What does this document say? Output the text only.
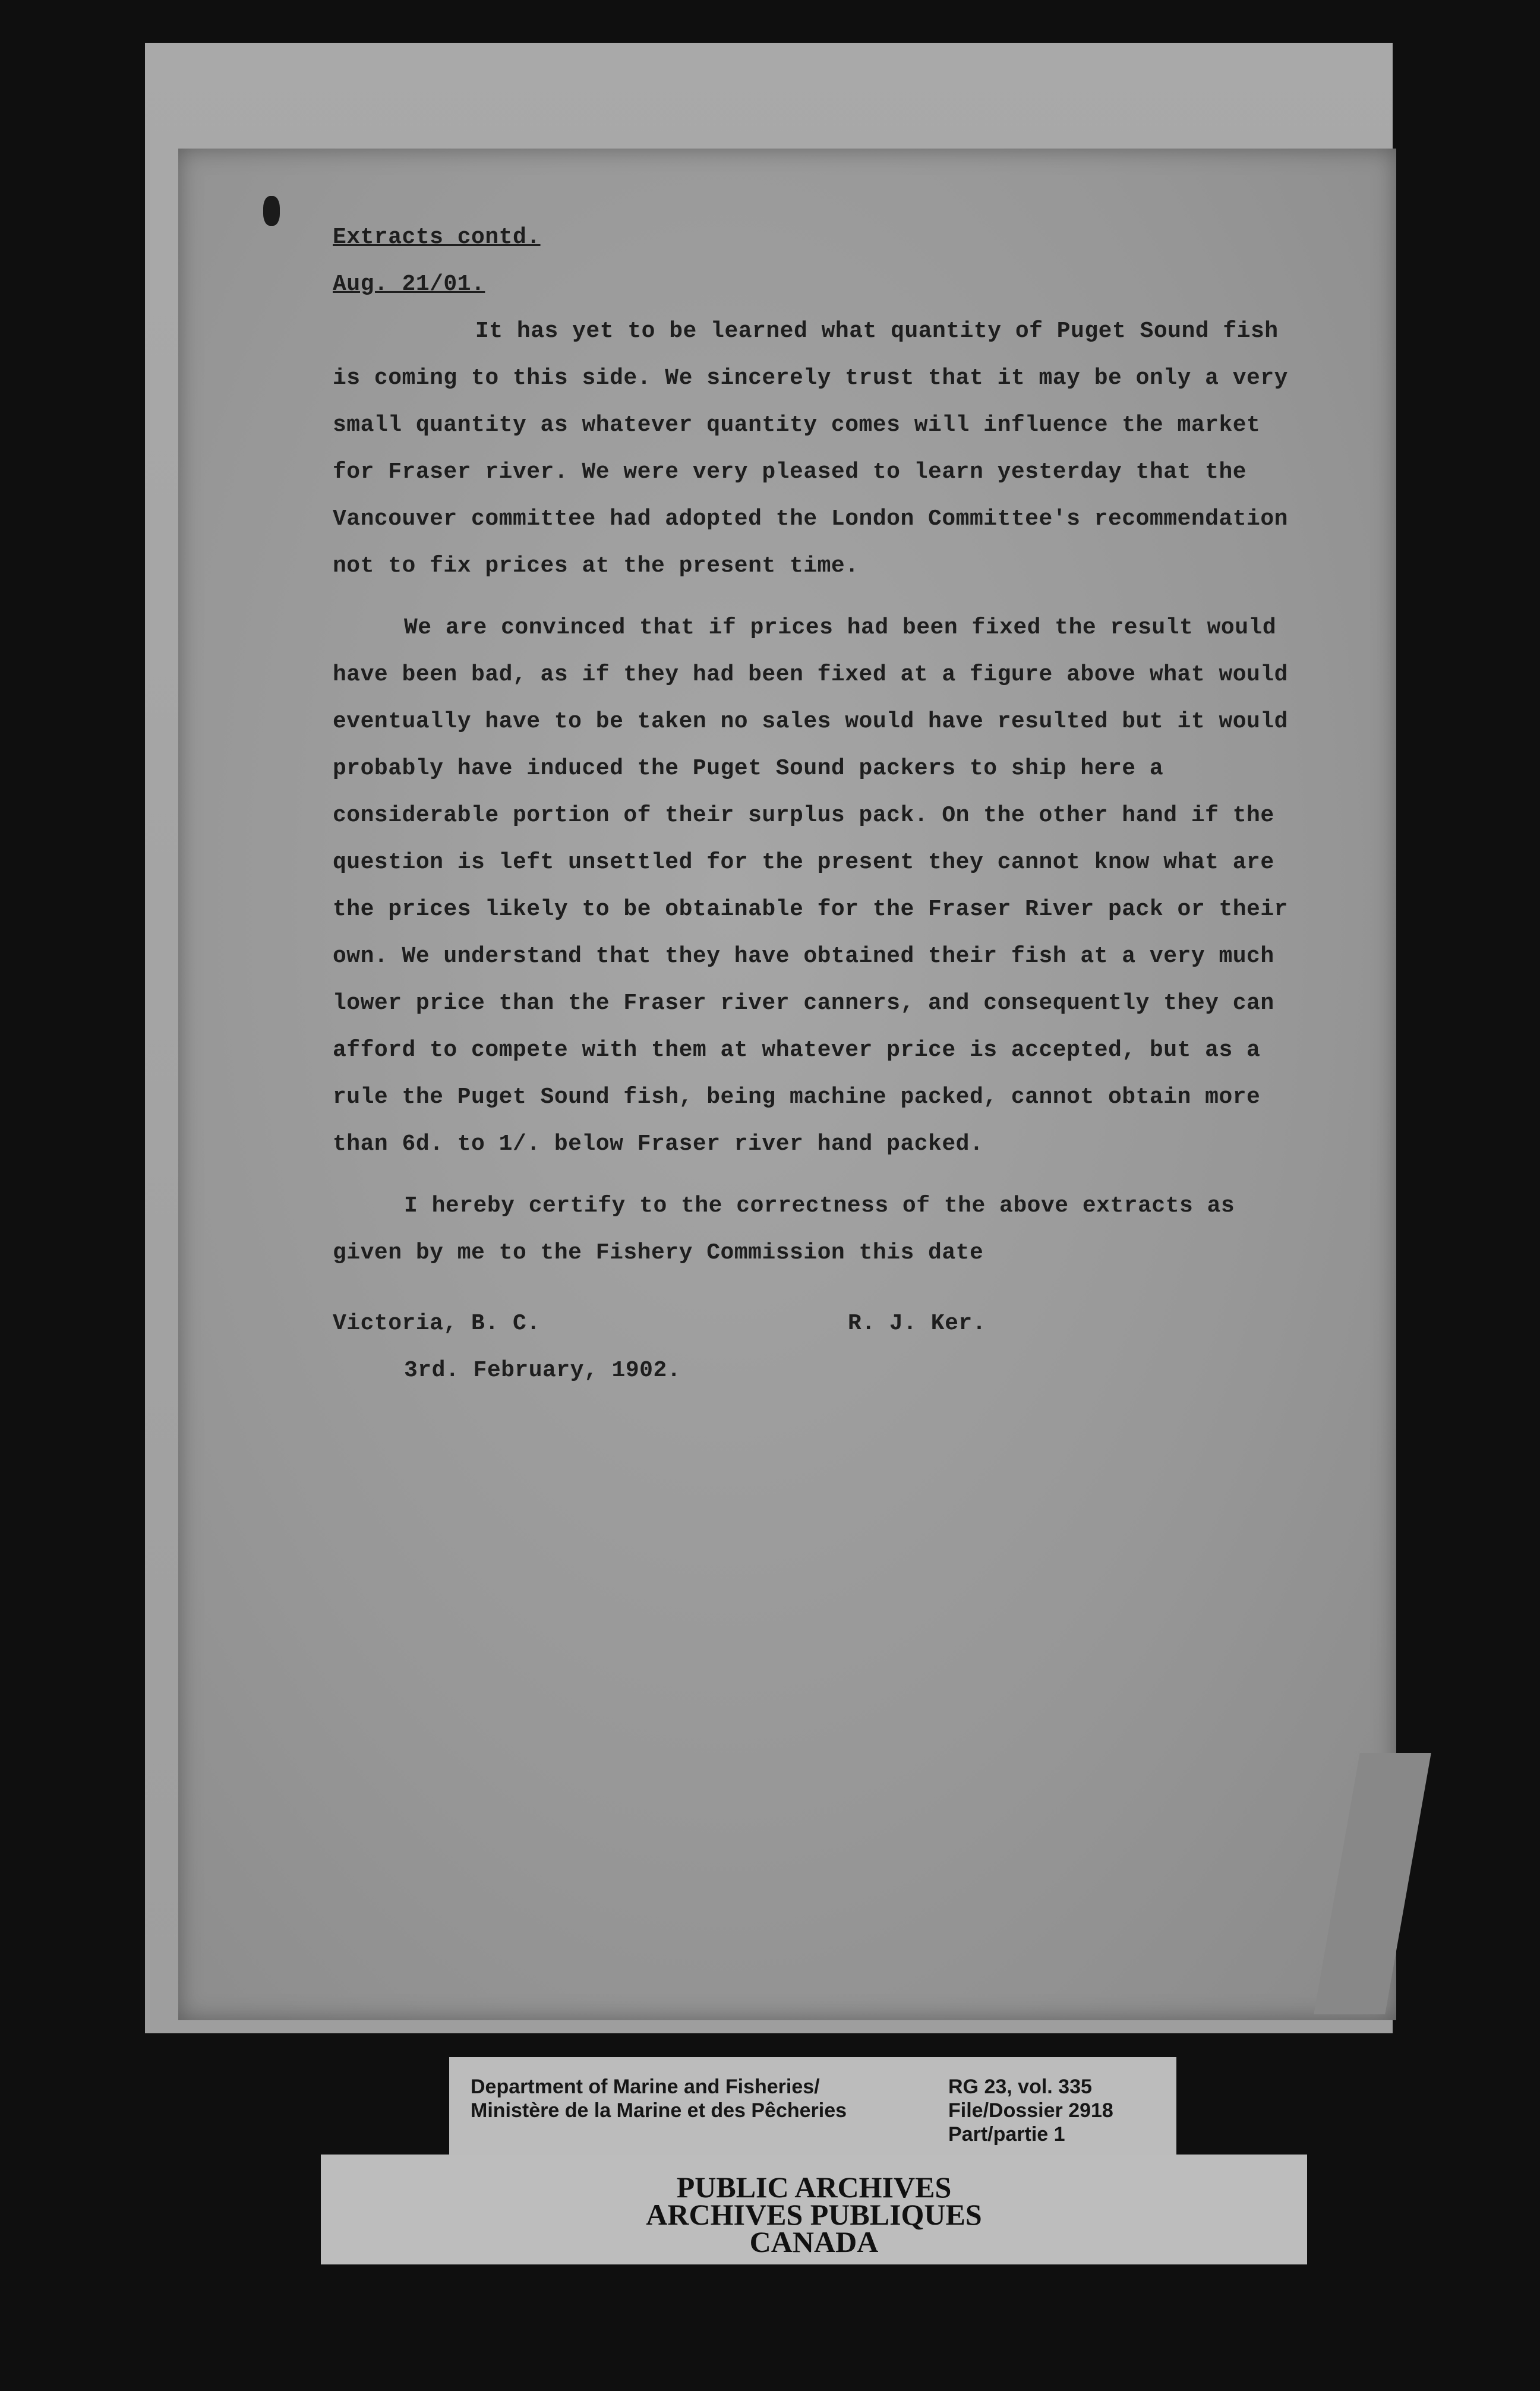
Extracts contd.

Aug. 21/01.

It has yet to be learned what quantity of Puget Sound fish is coming to this side. We sincerely trust that it may be only a very small quantity as whatever quantity comes will influence the market for Fraser river. We were very pleased to learn yesterday that the Vancouver committee had adopted the London Committee's recommendation not to fix prices at the present time.

We are convinced that if prices had been fixed the result would have been bad, as if they had been fixed at a figure above what would eventually have to be taken no sales would have resulted but it would probably have induced the Puget Sound packers to ship here a considerable portion of their surplus pack. On the other hand if the question is left unsettled for the present they cannot know what are the prices likely to be obtainable for the Fraser River pack or their own. We understand that they have obtained their fish at a very much lower price than the Fraser river canners, and consequently they can afford to compete with them at whatever price is accepted, but as a rule the Puget Sound fish, being machine packed, cannot obtain more than 6d. to 1/. below Fraser river hand packed.

I hereby certify to the correctness of the above extracts as given by me to the Fishery Commission this date

Victoria, B. C.	R. J. Ker.

3rd. February, 1902.

Department of Marine and Fisheries/
Ministère de la Marine et des Pêcheries
RG 23, vol. 335
File/Dossier 2918
Part/partie 1
PUBLIC ARCHIVES
ARCHIVES PUBLIQUES
CANADA
